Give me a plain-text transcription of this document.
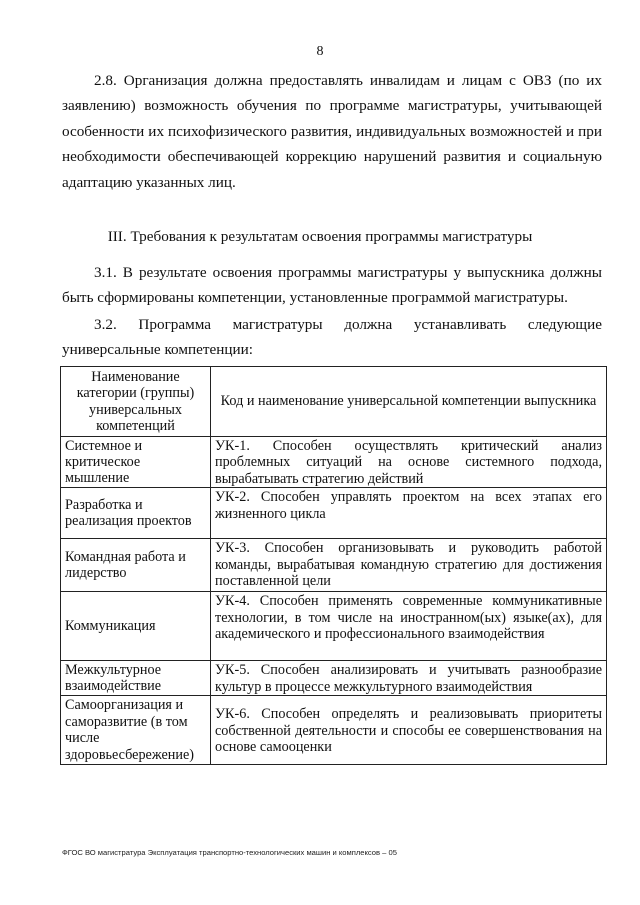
8

2.8. Организация должна предоставлять инвалидам и лицам с ОВЗ (по их заявлению) возможность обучения по программе магистратуры, учитывающей особенности их психофизического развития, индивидуальных возможностей и при необходимости обеспечивающей коррекцию нарушений развития и социальную адаптацию указанных лиц.

III. Требования к результатам освоения программы магистратуры

3.1. В результате освоения программы магистратуры у выпускника должны быть сформированы компетенции, установленные программой магистратуры.

3.2. Программа магистратуры должна устанавливать следующие универсальные компетенции:

Наименование категории (группы) универсальных компетенций	Код и наименование универсальной компетенции выпускника
Системное и критическое мышление	УК-1. Способен осуществлять критический анализ проблемных ситуаций на основе системного подхода, вырабатывать стратегию действий
Разработка и реализация проектов	УК-2. Способен управлять проектом на всех этапах его жизненного цикла
Командная работа и лидерство	УК-3. Способен организовывать и руководить работой команды, вырабатывая командную стратегию для достижения поставленной цели
Коммуникация	УК-4. Способен применять современные коммуникативные технологии, в том числе на иностранном(ых) языке(ах), для академического и профессионального взаимодействия
Межкультурное взаимодействие	УК-5. Способен анализировать и учитывать разнообразие культур в процессе межкультурного взаимодействия
Самоорганизация и саморазвитие (в том числе здоровьесбережение)	УК-6. Способен определять и реализовывать приоритеты собственной деятельности и способы ее совершенствования на основе самооценки
ФГОС ВО магистратура Эксплуатация транспортно-технологических машин и комплексов – 05
